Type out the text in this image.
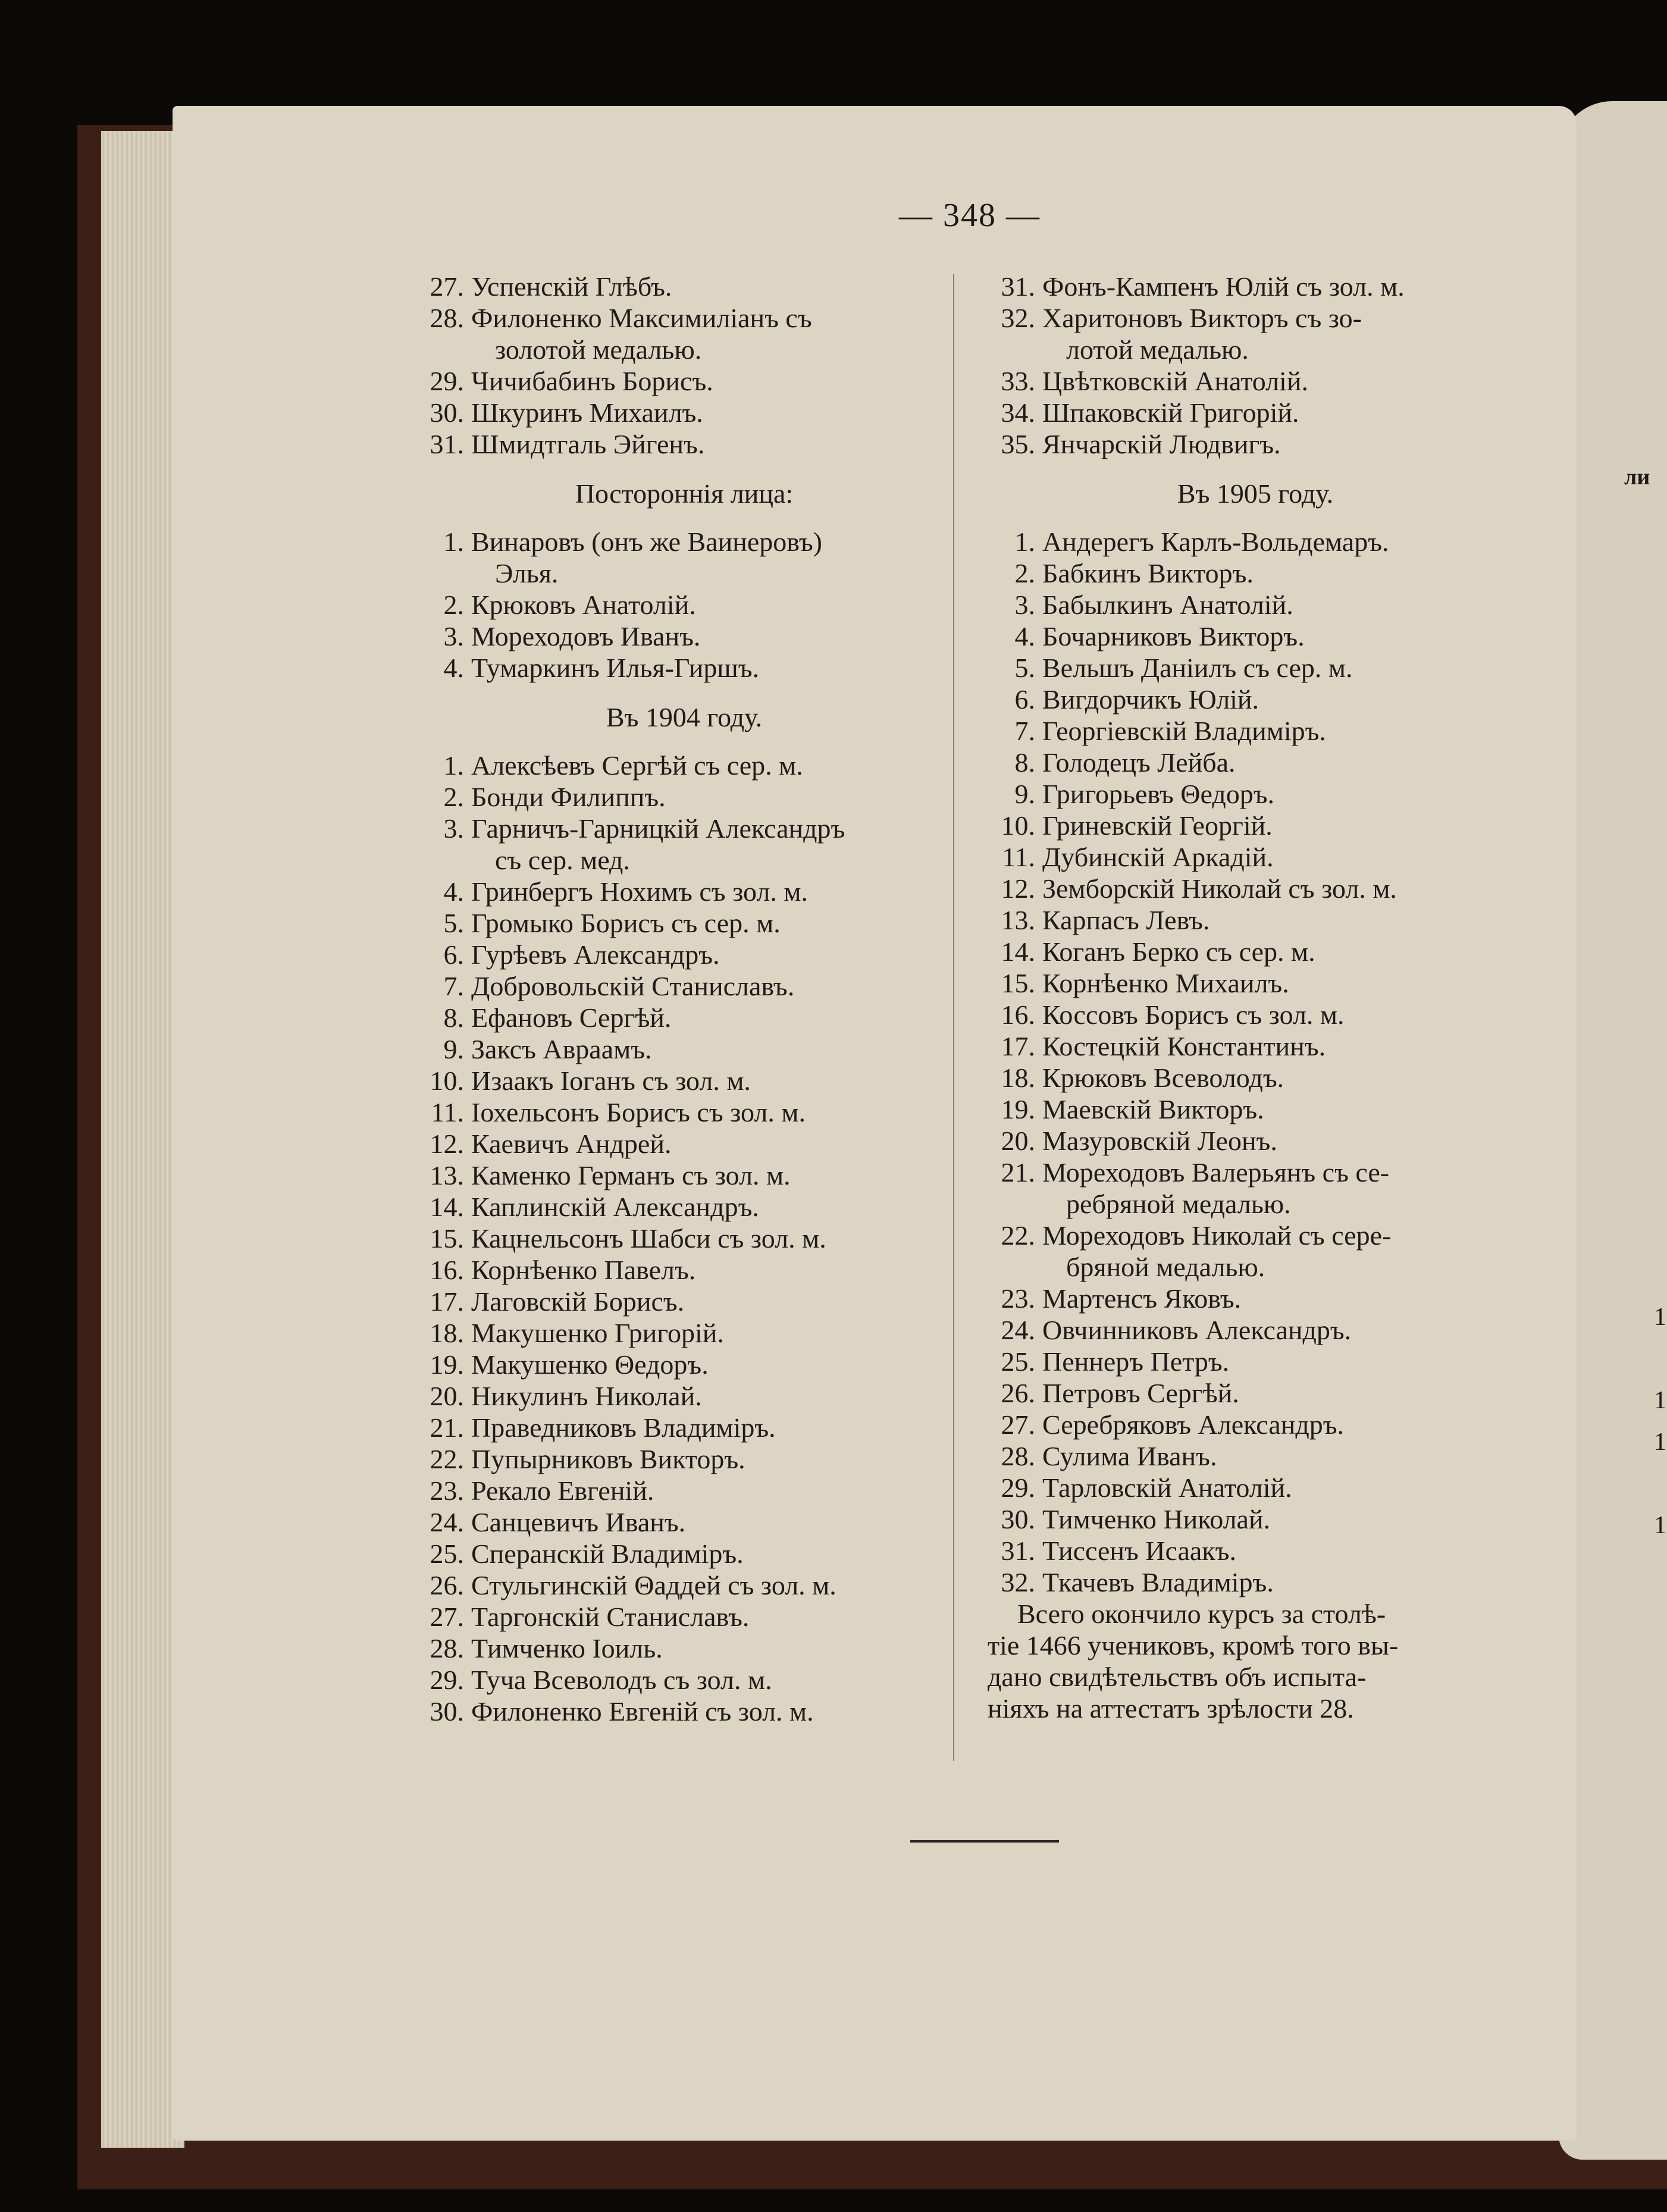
ли
1
1
1
1
— 348 —
27. Успенскій Глѣбъ.
28. Филоненко Максимиліанъ съ
золотой медалью.
29. Чичибабинъ Борисъ.
30. Шкуринъ Михаилъ.
31. Шмидтгаль Эйгенъ.
Постороннія лица:
1. Винаровъ (онъ же Ваинеровъ)
Элья.
2. Крюковъ Анатолій.
3. Мореходовъ Иванъ.
4. Тумаркинъ Илья-Гиршъ.
Въ 1904 году.
1. Алексѣевъ Сергѣй съ сер. м.
2. Бонди Филиппъ.
3. Гарничъ-Гарницкій Александръ
съ сер. мед.
4. Гринбергъ Нохимъ съ зол. м.
5. Громыко Борисъ съ сер. м.
6. Гурѣевъ Александръ.
7. Добровольскій Станиславъ.
8. Ефановъ Сергѣй.
9. Заксъ Авраамъ.
10. Изаакъ Іоганъ съ зол. м.
11. Іохельсонъ Борисъ съ зол. м.
12. Каевичъ Андрей.
13. Каменко Германъ съ зол. м.
14. Каплинскій Александръ.
15. Кацнельсонъ Шабси съ зол. м.
16. Корнѣенко Павелъ.
17. Лаговскій Борисъ.
18. Макушенко Григорій.
19. Макушенко Θедоръ.
20. Никулинъ Николай.
21. Праведниковъ Владиміръ.
22. Пупырниковъ Викторъ.
23. Рекало Евгеній.
24. Санцевичъ Иванъ.
25. Сперанскій Владиміръ.
26. Стульгинскій Θаддей съ зол. м.
27. Таргонскій Станиславъ.
28. Тимченко Іоиль.
29. Туча Всеволодъ съ зол. м.
30. Филоненко Евгеній съ зол. м.
31. Фонъ-Кампенъ Юлій съ зол. м.
32. Харитоновъ Викторъ съ зо-
лотой медалью.
33. Цвѣтковскій Анатолій.
34. Шпаковскій Григорій.
35. Янчарскій Людвигъ.
Въ 1905 году.
1. Андерегъ Карлъ-Вольдемаръ.
2. Бабкинъ Викторъ.
3. Бабылкинъ Анатолій.
4. Бочарниковъ Викторъ.
5. Вельшъ Даніилъ съ сер. м.
6. Вигдорчикъ Юлій.
7. Георгіевскій Владиміръ.
8. Голодецъ Лейба.
9. Григорьевъ Θедоръ.
10. Гриневскій Георгій.
11. Дубинскій Аркадій.
12. Земборскій Николай съ зол. м.
13. Карпасъ Левъ.
14. Коганъ Берко съ сер. м.
15. Корнѣенко Михаилъ.
16. Коссовъ Борисъ съ зол. м.
17. Костецкій Константинъ.
18. Крюковъ Всеволодъ.
19. Маевскій Викторъ.
20. Мазуровскій Леонъ.
21. Мореходовъ Валерьянъ съ се-
ребряной медалью.
22. Мореходовъ Николай съ сере-
бряной медалью.
23. Мартенсъ Яковъ.
24. Овчинниковъ Александръ.
25. Пеннеръ Петръ.
26. Петровъ Сергѣй.
27. Серебряковъ Александръ.
28. Сулима Иванъ.
29. Тарловскій Анатолій.
30. Тимченко Николай.
31. Тиссенъ Исаакъ.
32. Ткачевъ Владиміръ.
Всего окончило курсъ за столѣ-
тіе 1466 учениковъ, кромѣ того вы-
дано свидѣтельствъ объ испыта-
ніяхъ на аттестатъ зрѣлости 28.
